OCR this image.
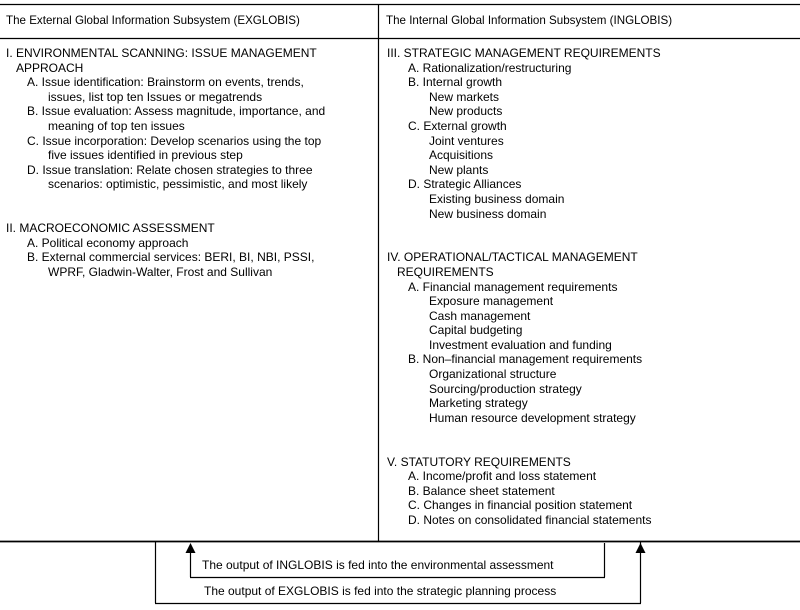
The External Global Information Subsystem (EXGLOBIS)	The Internal Global Information Subsystem (INGLOBIS)
I. ENVIRONMENTAL SCANNING: ISSUE MANAGEMENT
APPROACH
A. Issue identification: Brainstorm on events, trends,
issues, list top ten Issues or megatrends
B. Issue evaluation: Assess magnitude, importance, and
meaning of top ten issues
C. Issue incorporation: Develop scenarios using the top
five issues identified in previous step
D. Issue translation: Relate chosen strategies to three
scenarios: optimistic, pessimistic, and most likely
II. MACROECONOMIC ASSESSMENT
A. Political economy approach
B. External commercial services: BERI, BI, NBI, PSSI,
WPRF, Gladwin-Walter, Frost and Sullivan
III. STRATEGIC MANAGEMENT REQUIREMENTS
A. Rationalization/restructuring
B. Internal growth
New markets
New products
C. External growth
Joint ventures
Acquisitions
New plants
D. Strategic Alliances
Existing business domain
New business domain
IV. OPERATIONAL/TACTICAL MANAGEMENT
REQUIREMENTS
A. Financial management requirements
Exposure management
Cash management
Capital budgeting
Investment evaluation and funding
B. Non–financial management requirements
Organizational structure
Sourcing/production strategy
Marketing strategy
Human resource development strategy
V. STATUTORY REQUIREMENTS
A. Income/profit and loss statement
B. Balance sheet statement
C. Changes in financial position statement
D. Notes on consolidated financial statements
The output of INGLOBIS is fed into the environmental assessment
The output of EXGLOBIS is fed into the strategic planning process
